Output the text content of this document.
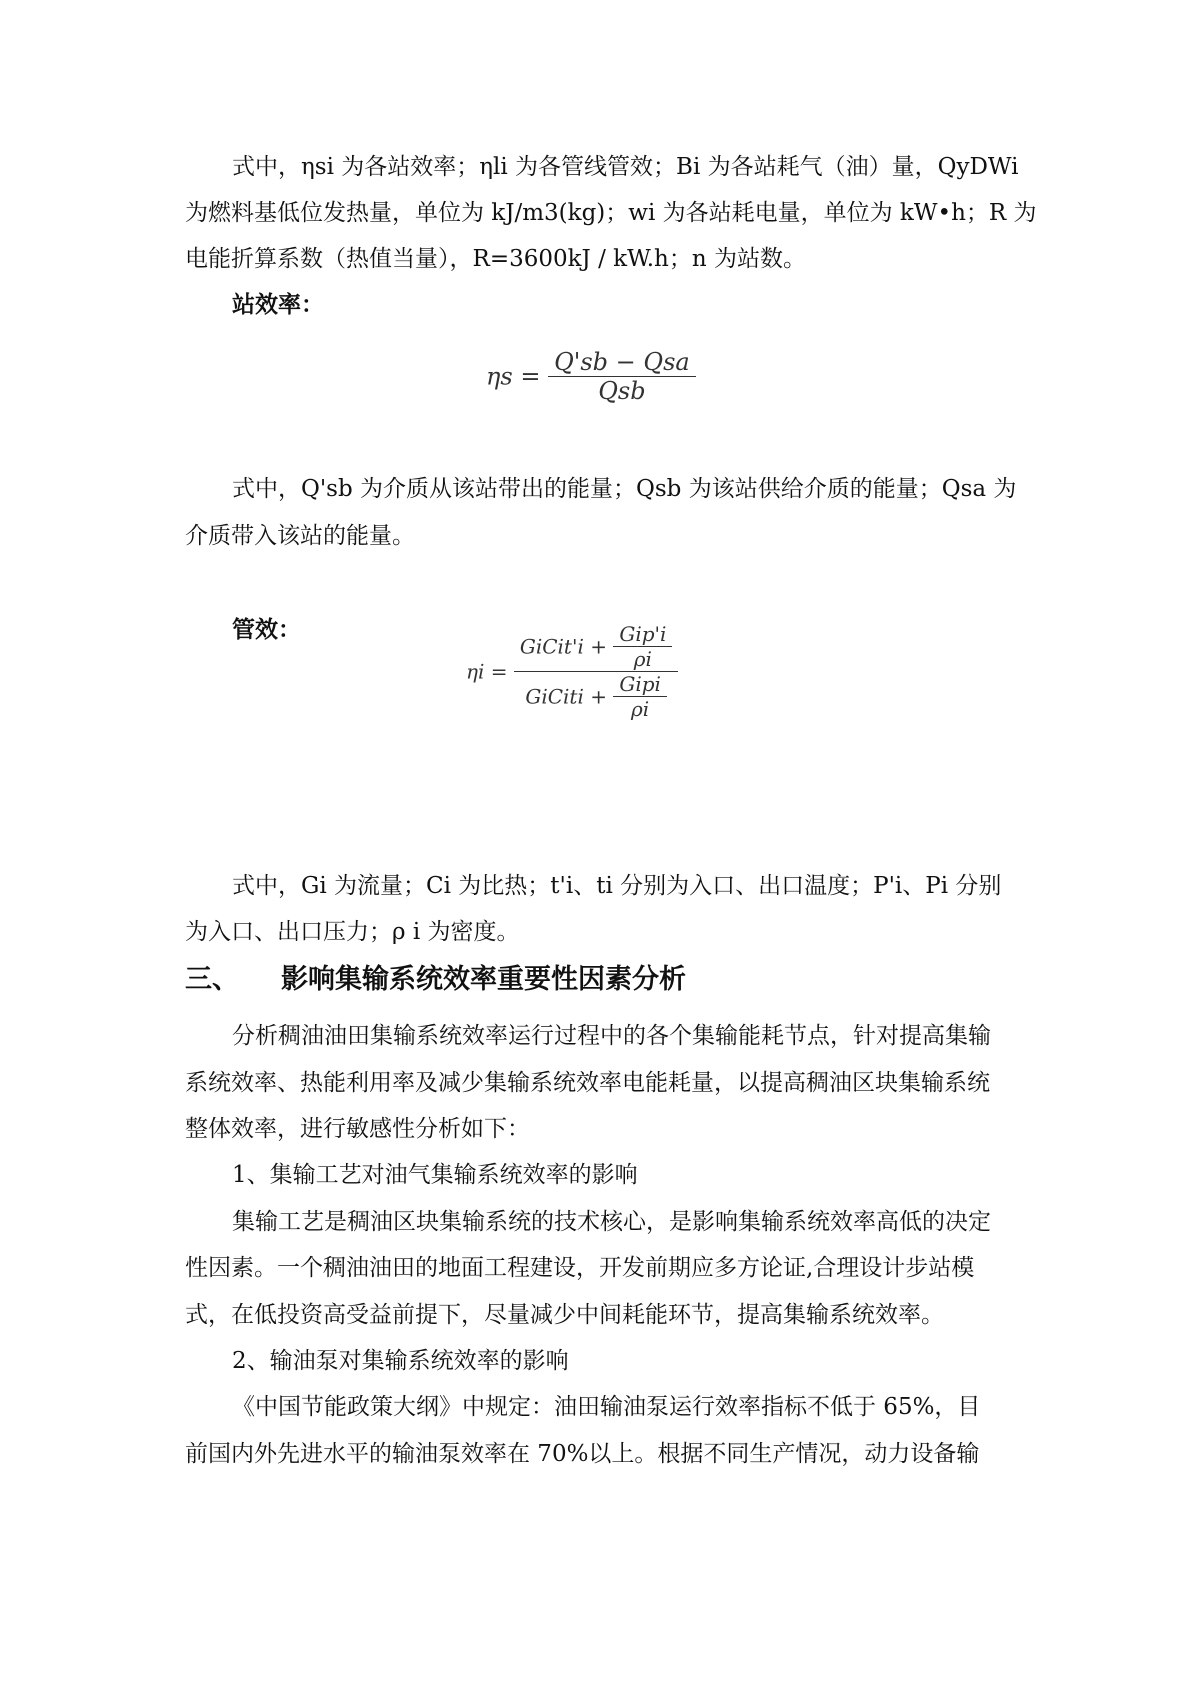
式中，ηsi 为各站效率；ηli 为各管线管效；Bi 为各站耗气（油）量，QyDWi
为燃料基低位发热量，单位为 kJ/m3(kg)；wi 为各站耗电量，单位为 kW•h；R 为
电能折算系数（热值当量），R=3600kJ / kW.h；n 为站数。
站效率：
$\eta s = \frac{\text{Q'sb − Qsa}}{\text{Qsb}}$
式中，Q'sb 为介质从该站带出的能量；Qsb 为该站供给介质的能量；Qsa 为
介质带入该站的能量。
管效：
$\eta i = \frac{GiCit'i + \frac{\text{Gip'i}}{\rho i}}{GiCiti + \frac{\text{Gipi}}{\rho i}}$
式中，Gi 为流量；Ci 为比热；t'i、ti 分别为入口、出口温度；P'i、Pi 分别
为入口、出口压力；ρ i 为密度。
三、 影响集输系统效率重要性因素分析
分析稠油油田集输系统效率运行过程中的各个集输能耗节点，针对提高集输
系统效率、热能利用率及减少集输系统效率电能耗量，以提高稠油区块集输系统
整体效率，进行敏感性分析如下：
1、集输工艺对油气集输系统效率的影响
集输工艺是稠油区块集输系统的技术核心，是影响集输系统效率高低的决定
性因素。一个稠油油田的地面工程建设，开发前期应多方论证,合理设计步站模
式，在低投资高受益前提下，尽量减少中间耗能环节，提高集输系统效率。
2、输油泵对集输系统效率的影响
《中国节能政策大纲》中规定：油田输油泵运行效率指标不低于 65%，目
前国内外先进水平的输油泵效率在 70%以上。根据不同生产情况，动力设备输
